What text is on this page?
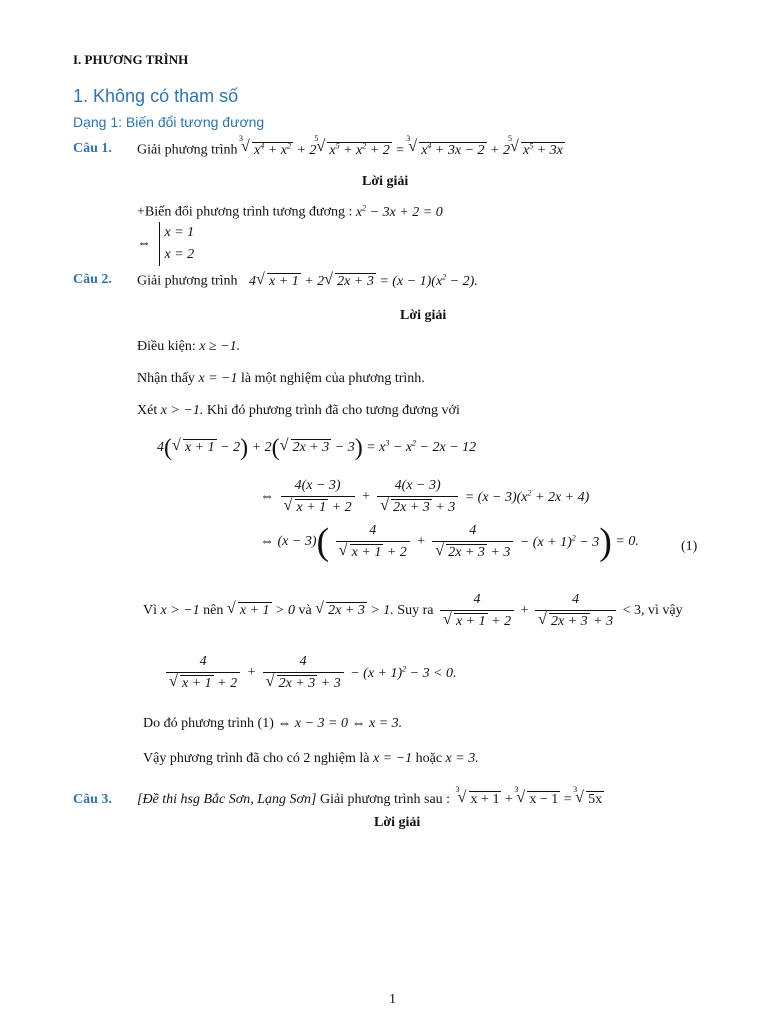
I. PHƯƠNG TRÌNH
1. Không có tham số
Dạng 1: Biến đổi tương đương
Câu 1. Giải phương trình
√ 3
$x^4 + x^2 + 2$
√ 5
$x^5 + x^2 + 2$ =
√ 3
$x^4 + 3x - 2 + 2$
√ 5
$x^5 + 3x$
Lời giải
+Biến đổi phương trình tương đương : $x^2 - 3x + 2 = 0$
⇔
x = 1
x = 2
Câu 2. Giải phương trình 4 √ x + 1 + 2 √ $2x + 3 = (x - 1)(x^2 - 2)$.
Lời giải
Điều kiện: x ≥ −1.
Nhận thấy x = −1 là một nghiệm của phương trình.
Xét x > −1. Khi đó phương trình đã cho tương đương với
4( √ x + 1 − 2) + 2( √ $2x + 3 - 3) = x^3 - x^2 - 2x - 12$
⇔ 4(x − 3)
√ x + 1 + 2 + 4(x − 3)
√ $2x + 3 + 3 = (x - 3)(x^2 + 2x + 4)$
⇔ (x − 3)( 4
√ x + 1 + 2 + 4
√ $2x + 3 + 3 - (x + 1)^2 - 3) = 0$.	(1)
Vì x > −1 nên √ x + 1 > 0 và √ 2x + 3 > 1. Suy ra 4
√ x + 1 + 2 + 4
√ 2x + 3 + 3 < 3, vì vậy
4
√ x + 1 + 2 + 4
√ $2x + 3 + 3 - (x + 1)^2 - 3 < 0$.
Do đó phương trình (1) ⇔ x − 3 = 0 ⇔ x = 3.
Vậy phương trình đã cho có 2 nghiệm là x = −1 hoặc x = 3.
Câu 3. [Đề thi hsg Bắc Sơn, Lạng Sơn] Giải phương trình sau :
√ 3
x + 1 +
√ 3
x − 1 =
√ 3
5x
Lời giải
1
